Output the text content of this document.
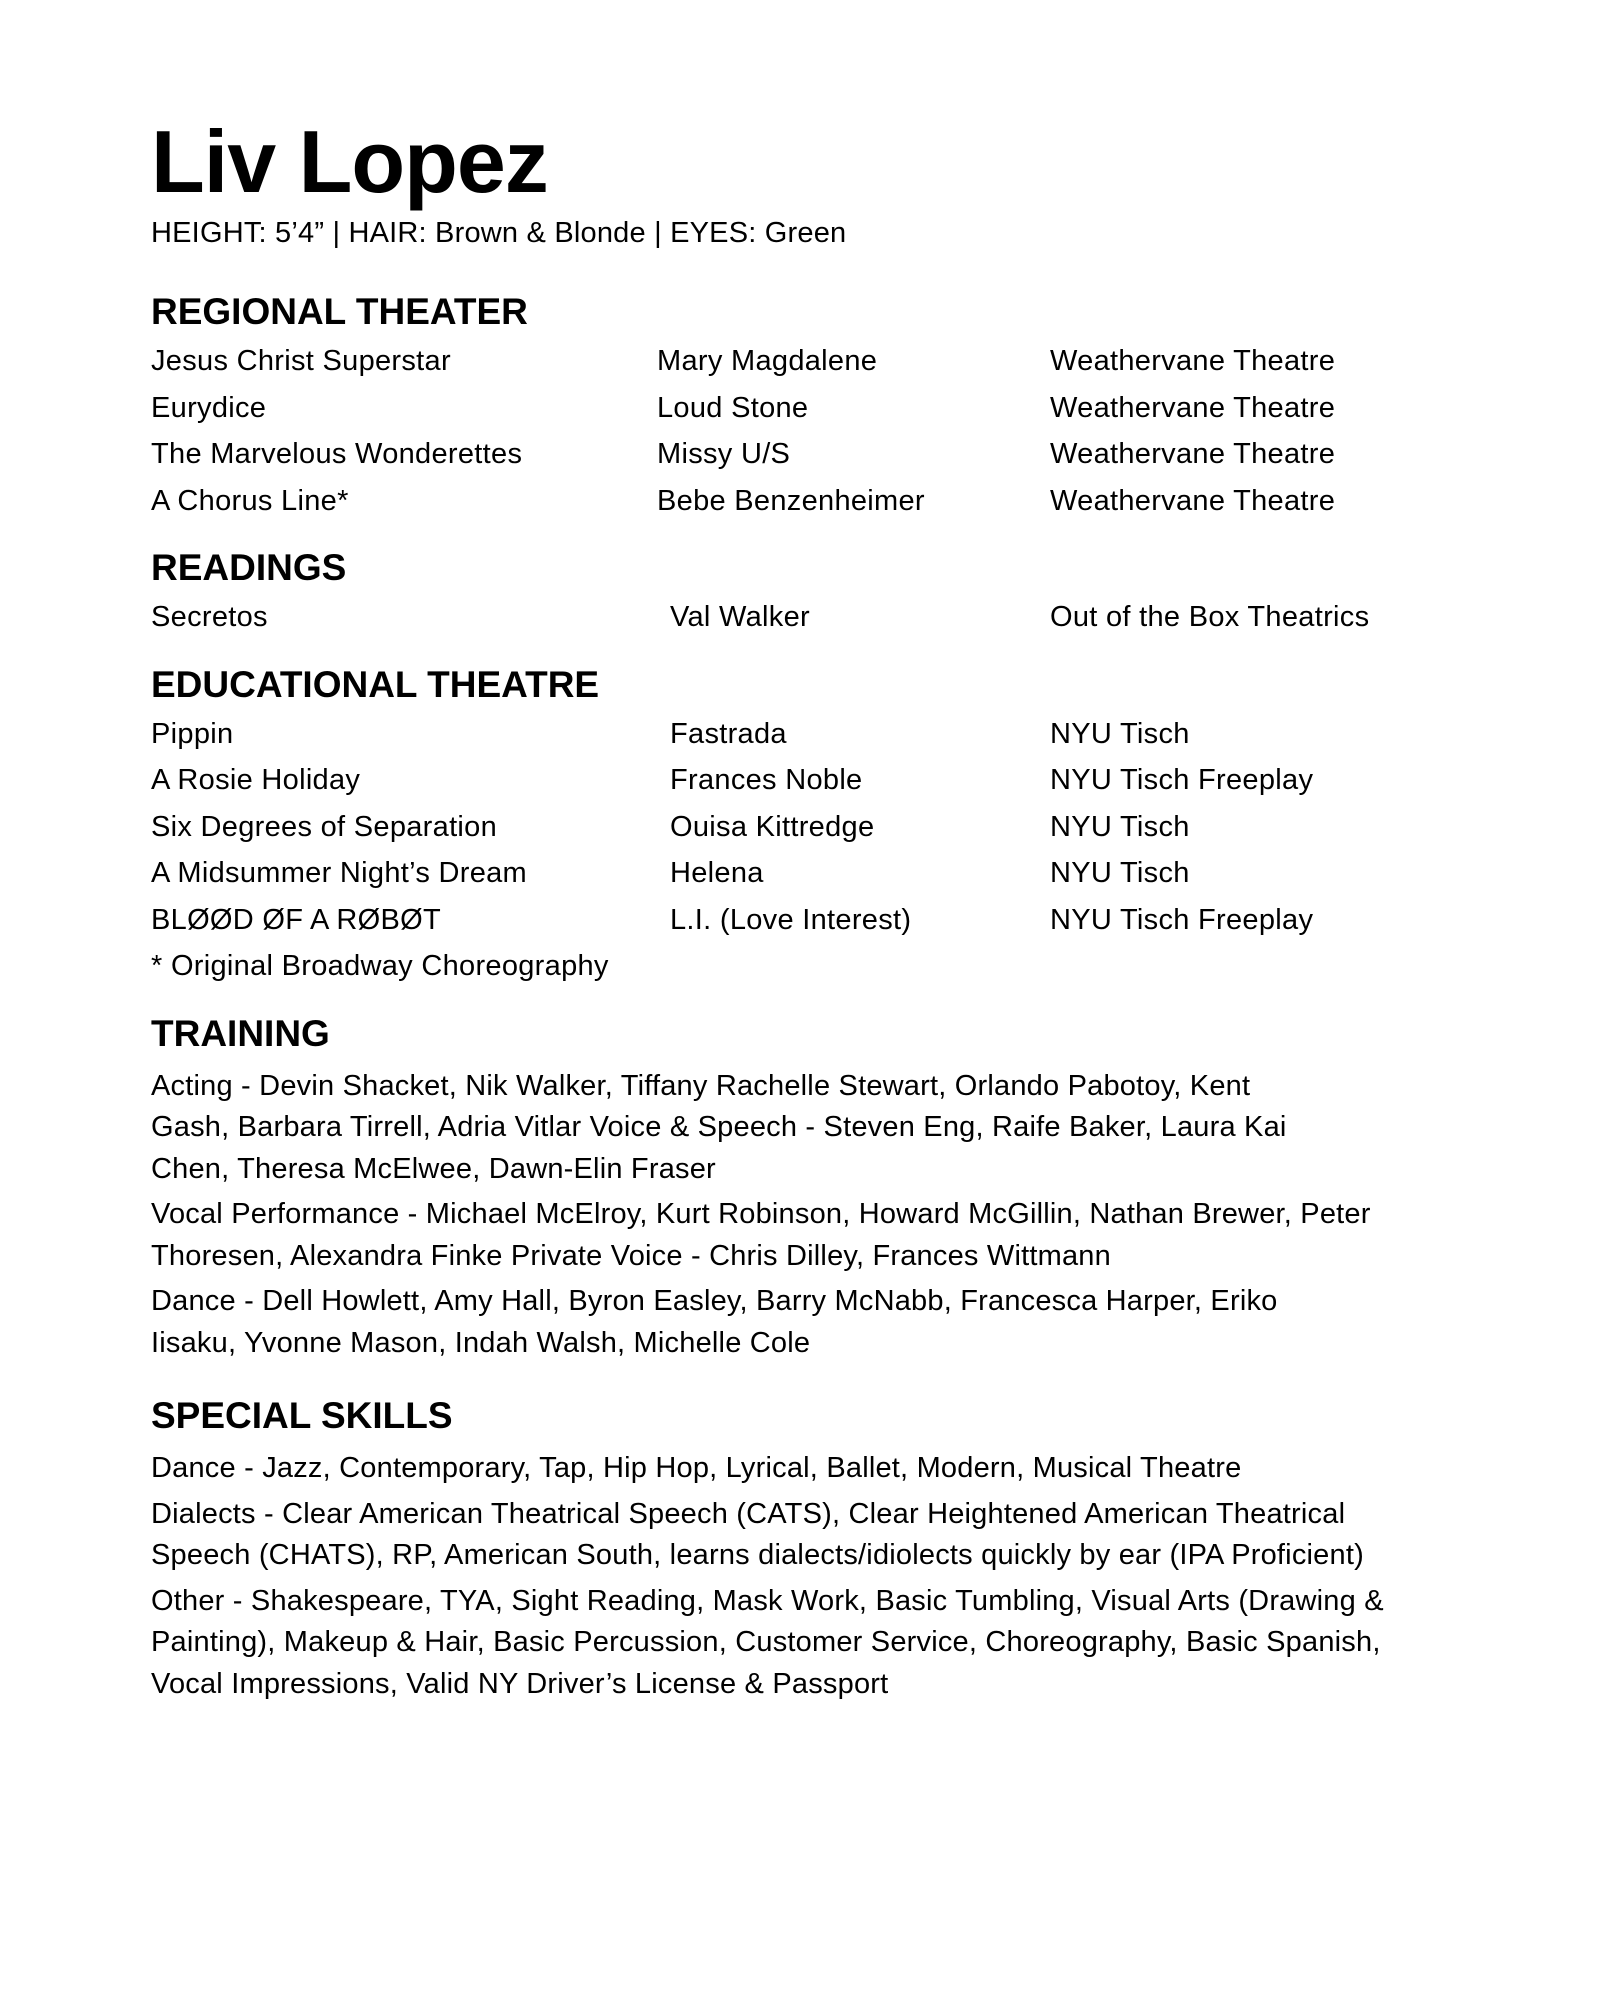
Liv Lopez
HEIGHT: 5’4” | HAIR: Brown & Blonde | EYES: Green
REGIONAL THEATER
Jesus Christ Superstar	Mary Magdalene	Weathervane Theatre
Eurydice	Loud Stone	Weathervane Theatre
The Marvelous Wonderettes	Missy U/S	Weathervane Theatre
A Chorus Line*	Bebe Benzenheimer	Weathervane Theatre
READINGS
Secretos	Val Walker	Out of the Box Theatrics
EDUCATIONAL THEATRE
Pippin	Fastrada	NYU Tisch
A Rosie Holiday	Frances Noble	NYU Tisch Freeplay
Six Degrees of Separation	Ouisa Kittredge	NYU Tisch
A Midsummer Night’s Dream	Helena	NYU Tisch
BLØØD ØF A RØBØT	L.I. (Love Interest)	NYU Tisch Freeplay
* Original Broadway Choreography
TRAINING

Acting - Devin Shacket, Nik Walker, Tiffany Rachelle Stewart, Orlando Pabotoy, Kent Gash, Barbara Tirrell, Adria Vitlar Voice & Speech - Steven Eng, Raife Baker, Laura Kai Chen, Theresa McElwee, Dawn-Elin Fraser

Vocal Performance - Michael McElroy, Kurt Robinson, Howard McGillin, Nathan Brewer, Peter Thoresen, Alexandra Finke Private Voice - Chris Dilley, Frances Wittmann

Dance - Dell Howlett, Amy Hall, Byron Easley, Barry McNabb, Francesca Harper, Eriko Iisaku, Yvonne Mason, Indah Walsh, Michelle Cole

SPECIAL SKILLS

Dance - Jazz, Contemporary, Tap, Hip Hop, Lyrical, Ballet, Modern, Musical Theatre

Dialects - Clear American Theatrical Speech (CATS), Clear Heightened American Theatrical Speech (CHATS), RP, American South, learns dialects/idiolects quickly by ear (IPA Proficient)

Other - Shakespeare, TYA, Sight Reading, Mask Work, Basic Tumbling, Visual Arts (Drawing & Painting), Makeup & Hair, Basic Percussion, Customer Service, Choreography, Basic Spanish, Vocal Impressions, Valid NY Driver’s License & Passport
